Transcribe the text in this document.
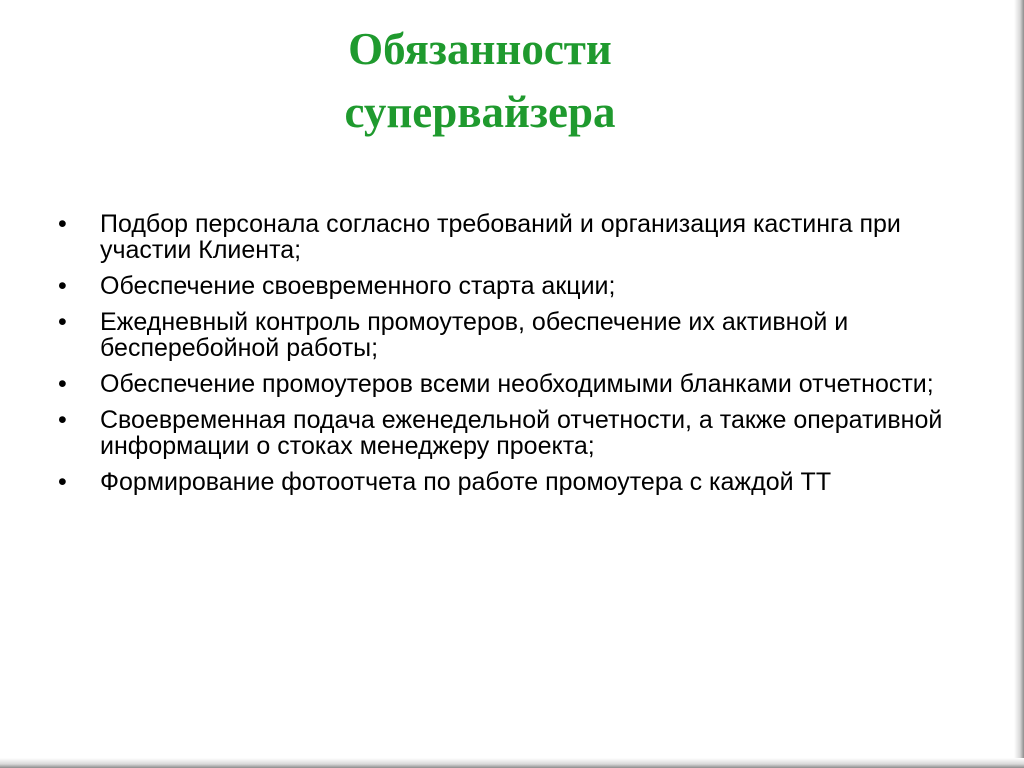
Обязанности
супервайзера
•	Подбор персонала согласно требований и организация кастинга при участии Клиента;
•	Обеспечение своевременного старта акции;
•	Ежедневный контроль промоутеров, обеспечение их активной и бесперебойной работы;
•	Обеспечение промоутеров всеми необходимыми бланками отчетности;
•	Своевременная подача еженедельной отчетности, а также оперативной информации о стоках менеджеру проекта;
•	Формирование фотоотчета по работе промоутера с каждой ТТ
